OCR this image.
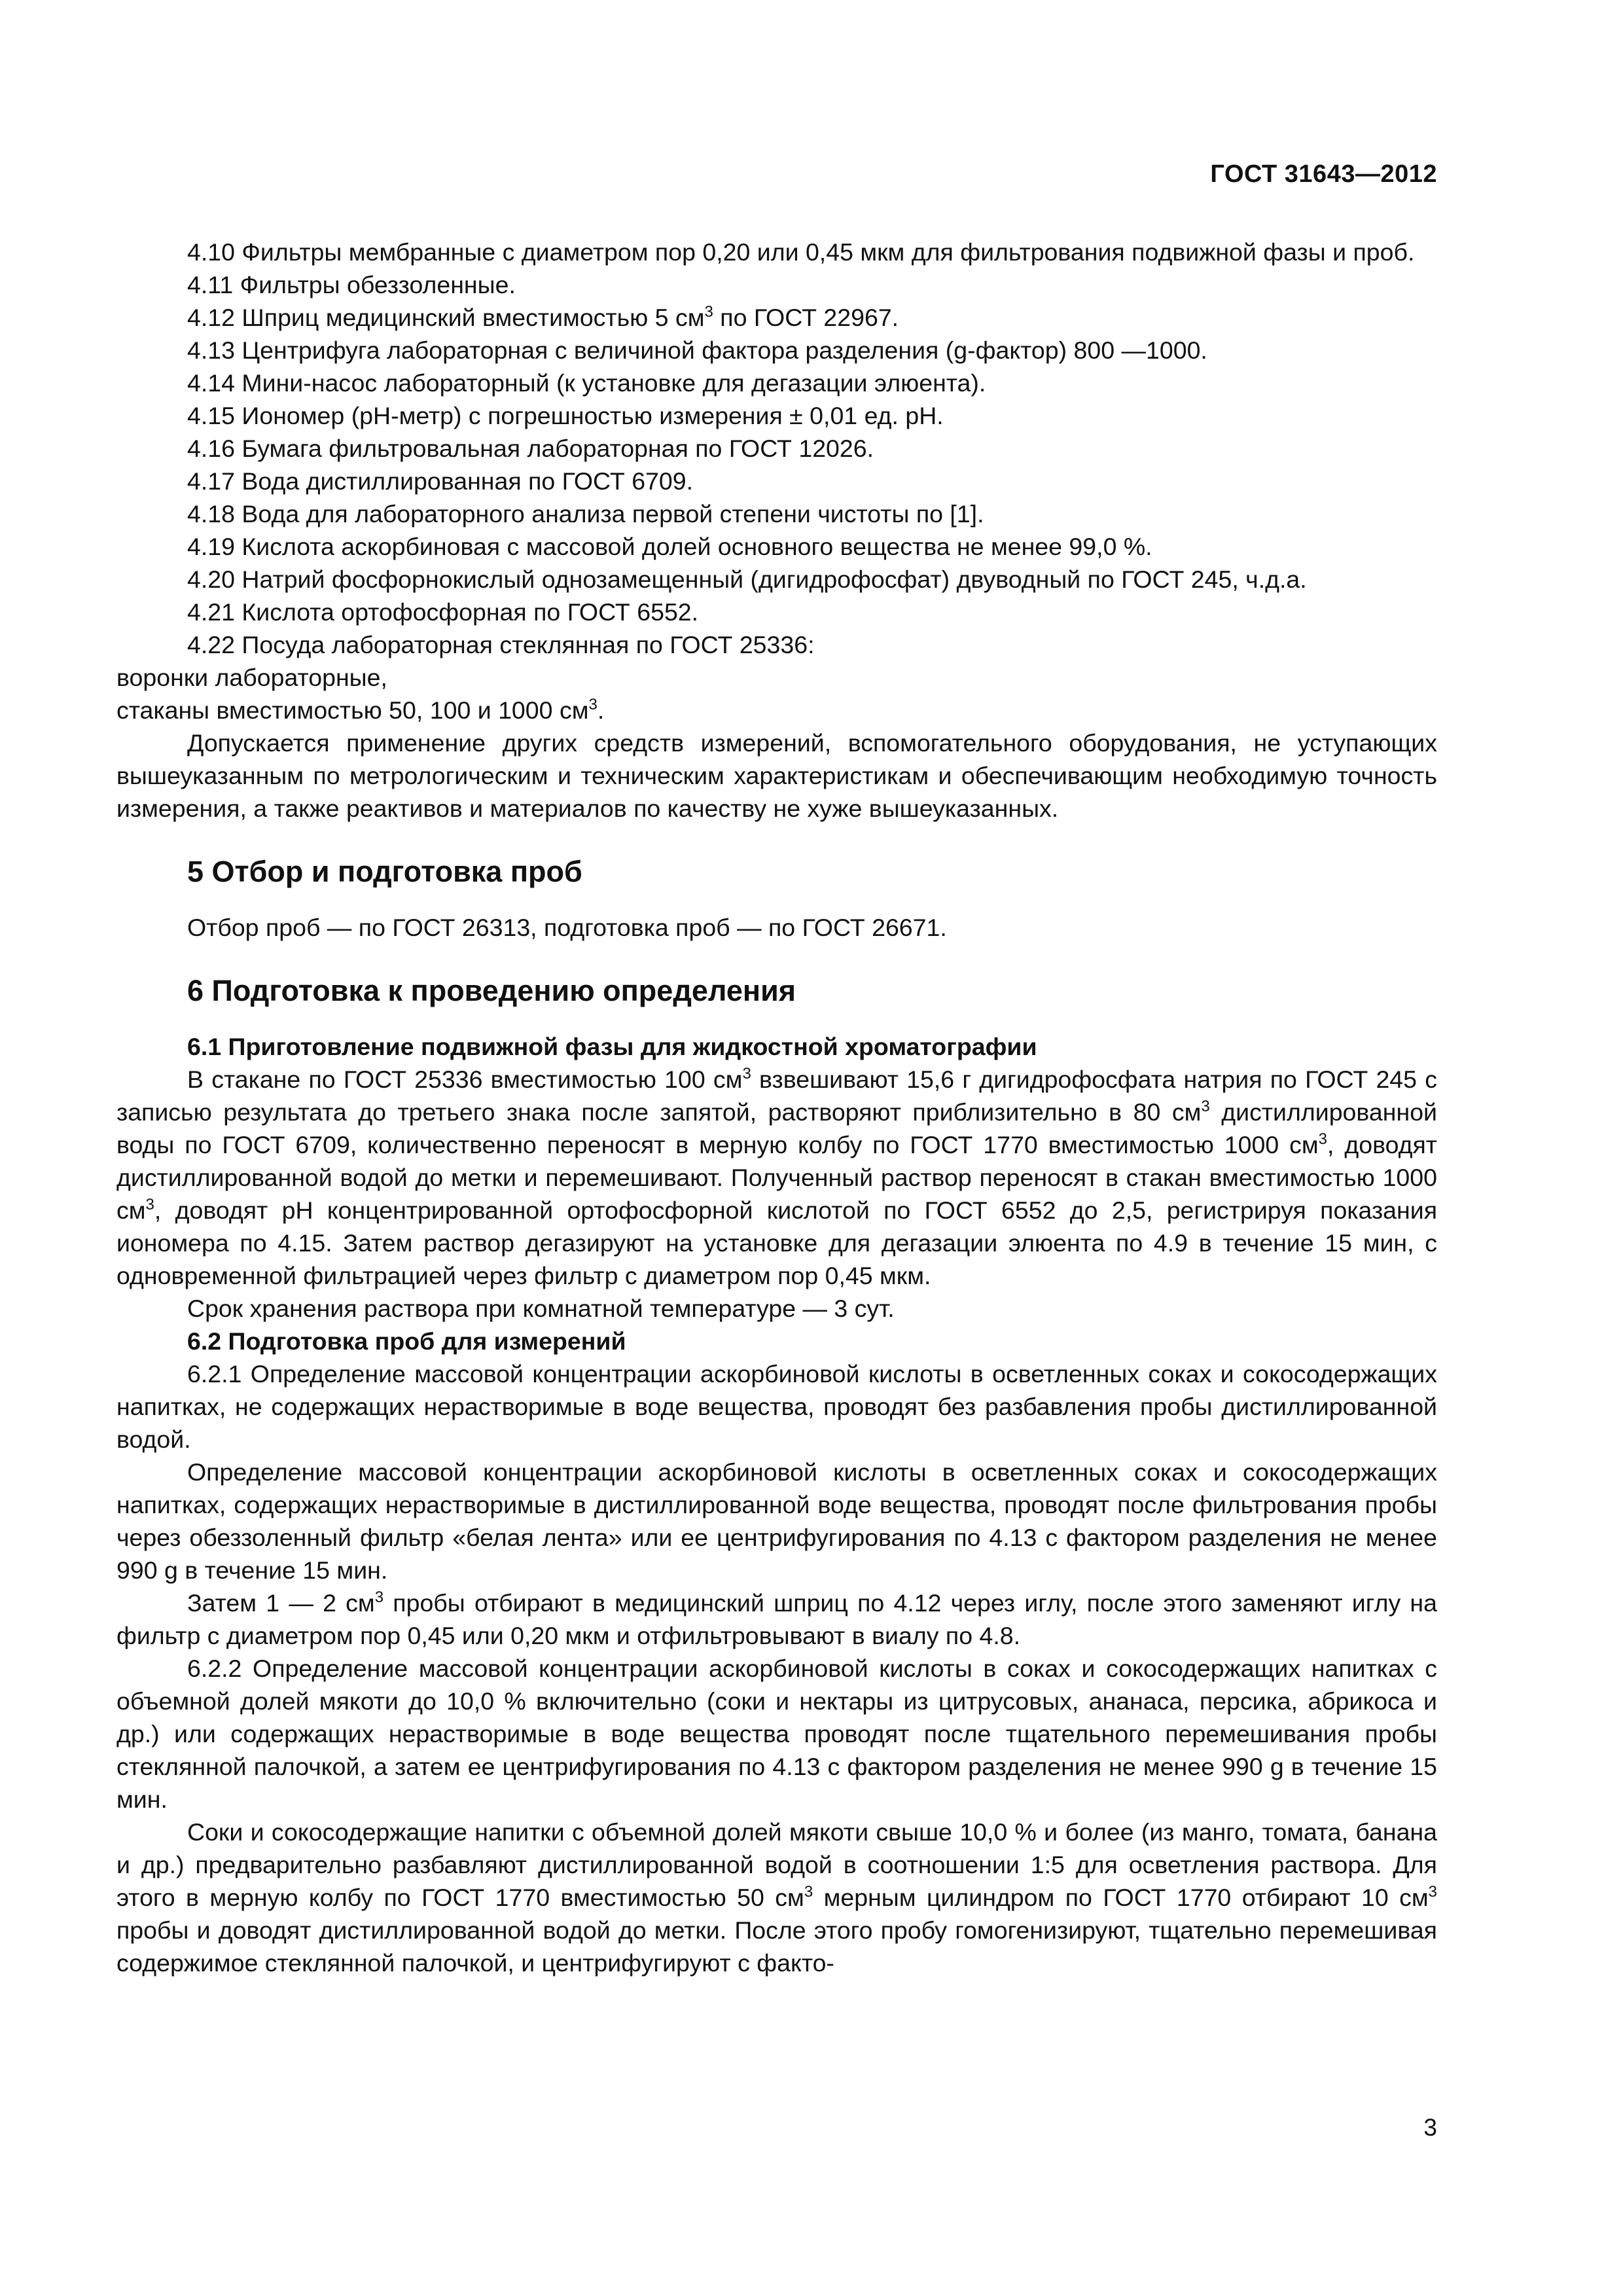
ГОСТ 31643—2012

4.10 Фильтры мембранные с диаметром пор 0,20 или 0,45 мкм для фильтрования подвижной фазы и проб.

4.11 Фильтры обеззоленные.

4.12 Шприц медицинский вместимостью 5 $см^3$ по ГОСТ 22967.

4.13 Центрифуга лабораторная с величиной фактора разделения (g-фактор) 800 —1000.

4.14 Мини-насос лабораторный (к установке для дегазации элюента).

4.15 Иономер (pH-метр) с погрешностью измерения ± 0,01 ед. pH.

4.16 Бумага фильтровальная лабораторная по ГОСТ 12026.

4.17 Вода дистиллированная по ГОСТ 6709.

4.18 Вода для лабораторного анализа первой степени чистоты по [1].

4.19 Кислота аскорбиновая с массовой долей основного вещества не менее 99,0 %.

4.20 Натрий фосфорнокислый однозамещенный (дигидрофосфат) двуводный по ГОСТ 245, ч.д.а.

4.21 Кислота ортофосфорная по ГОСТ 6552.

4.22 Посуда лабораторная стеклянная по ГОСТ 25336:

воронки лабораторные,

стаканы вместимостью 50, 100 и 1000 $см^3$.

Допускается применение других средств измерений, вспомогательного оборудования, не уступающих вышеуказанным по метрологическим и техническим характеристикам и обеспечивающим необходимую точность измерения, а также реактивов и материалов по качеству не хуже вышеуказанных.

5 Отбор и подготовка проб

Отбор проб — по ГОСТ 26313, подготовка проб — по ГОСТ 26671.

6 Подготовка к проведению определения
6.1 Приготовление подвижной фазы для жидкостной хроматографии

В стакане по ГОСТ 25336 вместимостью 100 $см^3$ взвешивают 15,6 г дигидрофосфата натрия по ГОСТ 245 с записью результата до третьего знака после запятой, растворяют приблизительно в 80 $см^3$ дистиллированной воды по ГОСТ 6709, количественно переносят в мерную колбу по ГОСТ 1770 вместимостью 1000 $см^3$, доводят дистиллированной водой до метки и перемешивают. Полученный раствор переносят в стакан вместимостью 1000 $см^3$, доводят pH концентрированной ортофосфорной кислотой по ГОСТ 6552 до 2,5, регистрируя показания иономера по 4.15. Затем раствор дегазируют на установке для дегазации элюента по 4.9 в течение 15 мин, с одновременной фильтрацией через фильтр с диаметром пор 0,45 мкм.

Срок хранения раствора при комнатной температуре — 3 сут.

6.2 Подготовка проб для измерений

6.2.1 Определение массовой концентрации аскорбиновой кислоты в осветленных соках и сокосодержащих напитках, не содержащих нерастворимые в воде вещества, проводят без разбавления пробы дистиллированной водой.

Определение массовой концентрации аскорбиновой кислоты в осветленных соках и сокосодержащих напитках, содержащих нерастворимые в дистиллированной воде вещества, проводят после фильтрования пробы через обеззоленный фильтр «белая лента» или ее центрифугирования по 4.13 с фактором разделения не менее 990 g в течение 15 мин.

Затем 1 — 2 $см^3$ пробы отбирают в медицинский шприц по 4.12 через иглу, после этого заменяют иглу на фильтр с диаметром пор 0,45 или 0,20 мкм и отфильтровывают в виалу по 4.8.

6.2.2 Определение массовой концентрации аскорбиновой кислоты в соках и сокосодержащих напитках с объемной долей мякоти до 10,0 % включительно (соки и нектары из цитрусовых, ананаса, персика, абрикоса и др.) или содержащих нерастворимые в воде вещества проводят после тщательного перемешивания пробы стеклянной палочкой, а затем ее центрифугирования по 4.13 с фактором разделения не менее 990 g в течение 15 мин.

Соки и сокосодержащие напитки с объемной долей мякоти свыше 10,0 % и более (из манго, томата, банана и др.) предварительно разбавляют дистиллированной водой в соотношении 1:5 для осветления раствора. Для этого в мерную колбу по ГОСТ 1770 вместимостью 50 $см^3$ мерным цилиндром по ГОСТ 1770 отбирают 10 $см^3$ пробы и доводят дистиллированной водой до метки. После этого пробу гомогенизируют, тщательно перемешивая содержимое стеклянной палочкой, и центрифугируют с факто-

3
